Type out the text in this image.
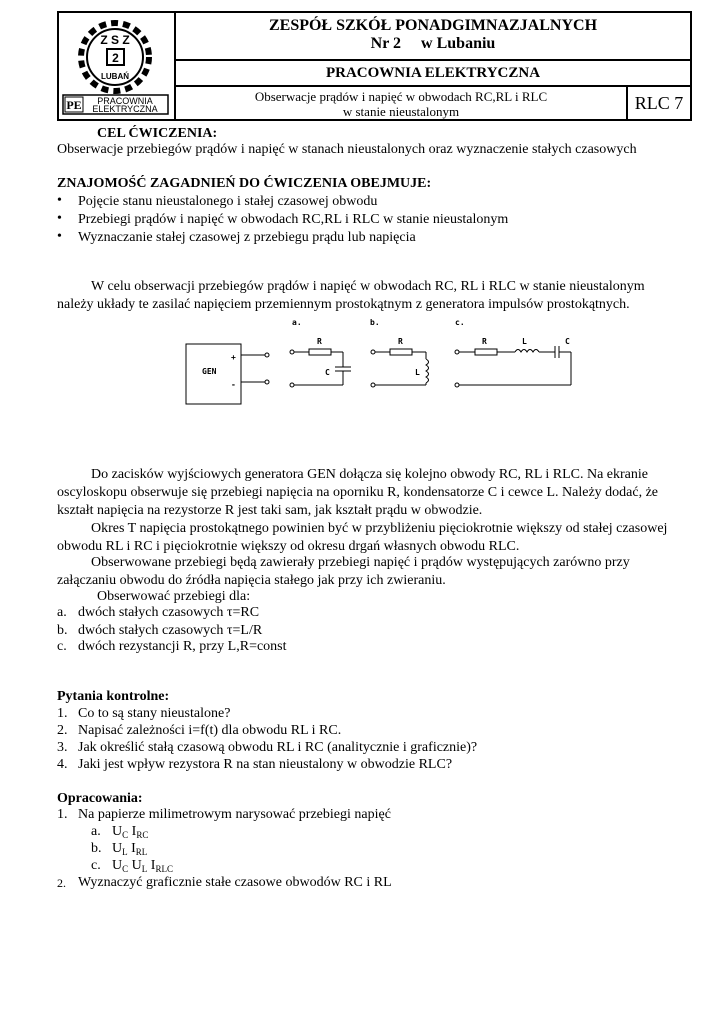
Z S Z
2
LUBAŃ
PE PRACOWNIA
ELEKTRYCZNA
ZESPÓŁ SZKÓŁ PONADGIMNAZJALNYCH
Nr 2     w Lubaniu
PRACOWNIA ELEKTRYCZNA
Obserwacje prądów i napięć w obwodach RC,RL i RLC
w stanie nieustalonym	RLC 7
CEL ĆWICZENIA:
Obserwacje przebiegów prądów i napięć w stanach nieustalonych oraz wyznaczenie stałych czasowych
ZNAJOMOŚĆ ZAGADNIEŃ DO ĆWICZENIA OBEJMUJE:
•	Pojęcie stanu nieustalonego i stałej czasowej obwodu
•	Przebiegi prądów i napięć w obwodach RC,RL i RLC w stanie nieustalonym
•	Wyznaczanie stałej czasowej z przebiegu prądu lub napięcia
W celu obserwacji przebiegów prądów i napięć w obwodach RC, RL i RLC w stanie nieustalonym
należy układy te zasilać napięciem przemiennym prostokątnym z generatora impulsów prostokątnych.
GEN
+
-
a.
R
C
b.
R
L
c.
R	L	C
Do zacisków wyjściowych generatora GEN dołącza się kolejno obwody RC, RL i RLC. Na ekranie
oscyloskopu obserwuje się przebiegi napięcia na oporniku R, kondensatorze C i cewce L. Należy dodać, że
kształt napięcia na rezystorze R jest taki sam, jak kształt prądu w obwodzie.
Okres T napięcia prostokątnego powinien być w przybliżeniu pięciokrotnie większy od stałej czasowej
obwodu RL i RC i pięciokrotnie większy od okresu drgań własnych obwodu RLC.
Obserwowane przebiegi będą zawierały przebiegi napięć i prądów występujących zarówno przy
załączaniu obwodu do źródła napięcia stałego jak przy ich zwieraniu.
Obserwować przebiegi dla:
a. dwóch stałych czasowych τ=RC
b. dwóch stałych czasowych τ=L/R
c. dwóch rezystancji R, przy L,R=const
Pytania kontrolne:
1. Co to są stany nieustalone?
2. Napisać zależności i=f(t) dla obwodu RL i RC.
3. Jak określić stałą czasową obwodu RL i RC (analitycznie i graficznie)?
4. Jaki jest wpływ rezystora R na stan nieustalony w obwodzie RLC?
Opracowania:
1. Na papierze milimetrowym narysować przebiegi napięć
a. $U_C$ $I_{RC}$
b. $U_L$ $I_{RL}$
c. $U_C$ $U_L$ $I_{RLC}$
2. Wyznaczyć graficznie stałe czasowe obwodów RC i RL
